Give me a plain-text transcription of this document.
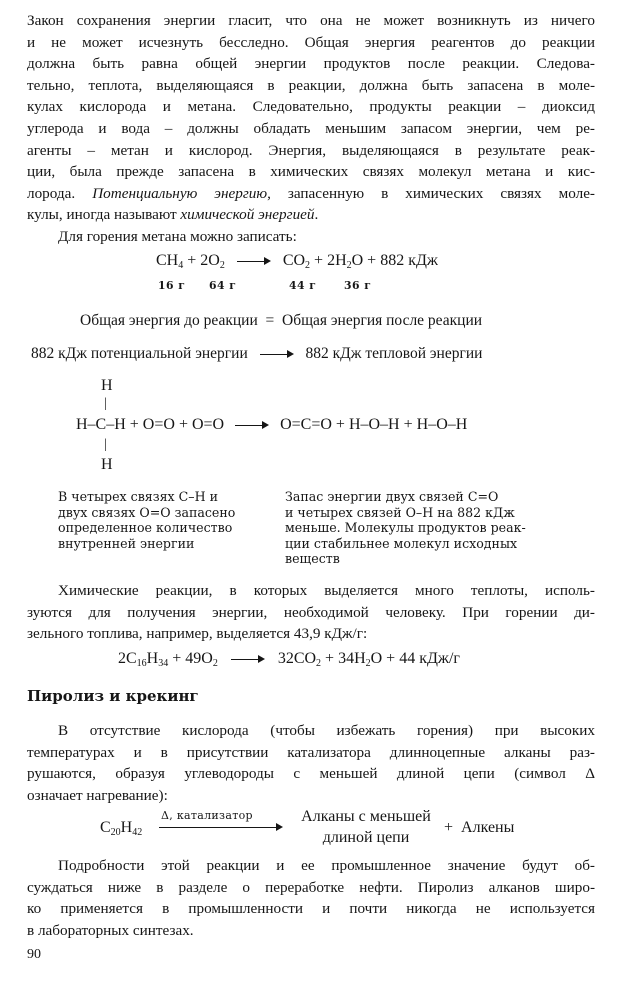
Закон сохранения энергии гласит, что она не может возникнуть из ничего
и не может исчезнуть бесследно. Общая энергия реагентов до реакции
должна быть равна общей энергии продуктов после реакции. Следова-
тельно, теплота, выделяющаяся в реакции, должна быть запасена в моле-
кулах кислорода и метана. Следовательно, продукты реакции – диоксид
углерода и вода – должны обладать меньшим запасом энергии, чем ре-
агенты – метан и кислород. Энергия, выделяющаяся в результате реак-
ции, была прежде запасена в химических связях молекул метана и кис-
лорода. Потенциальную энергию, запасенную в химических связях моле-
кулы, иногда называют химической энергией.
Для горения метана можно записать:
$CH_4 + 2O_2$	$CO_2 + 2H_2O + 882$ кДж
16 г 64 г	44 г	36 г
Общая энергия до реакции  =  Общая энергия после реакции
882 кДж потенциальной энергии	882 кДж тепловой энергии
H
|
H–C–H + O=O + O=O	O=C=O + H–O–H + H–O–H
|
H
В четырех связях С–Н и
двух связях О=О запасено
определенное количество
внутренней энергии
Запас энергии двух связей С=О
и четырех связей О–Н на 882 кДж
меньше. Молекулы продуктов реак-
ции стабильнее молекул исходных
веществ
Химические реакции, в которых выделяется много теплоты, исполь-
зуются для получения энергии, необходимой человеку. При горении ди-
зельного топлива, например, выделяется 43,9 кДж/г:
$2C_{16}H_{34} + 49O_2$	$32CO_2 + 34H_2O + 44$ кДж/г
Пиролиз и крекинг
В отсутствие кислорода (чтобы избежать горения) при высоких
температурах и в присутствии катализатора длинноцепные алканы раз-
рушаются, образуя углеводороды с меньшей длиной цепи (символ Δ
означает нагревание):
$C_{20}H_{42}$
Δ, катализатор	Алканы с меньшей
длиной цепи
+  Алкены
Подробности этой реакции и ее промышленное значение будут об-
суждаться ниже в разделе о переработке нефти. Пиролиз алканов широ-
ко применяется в промышленности и почти никогда не используется
в лабораторных синтезах.
90
